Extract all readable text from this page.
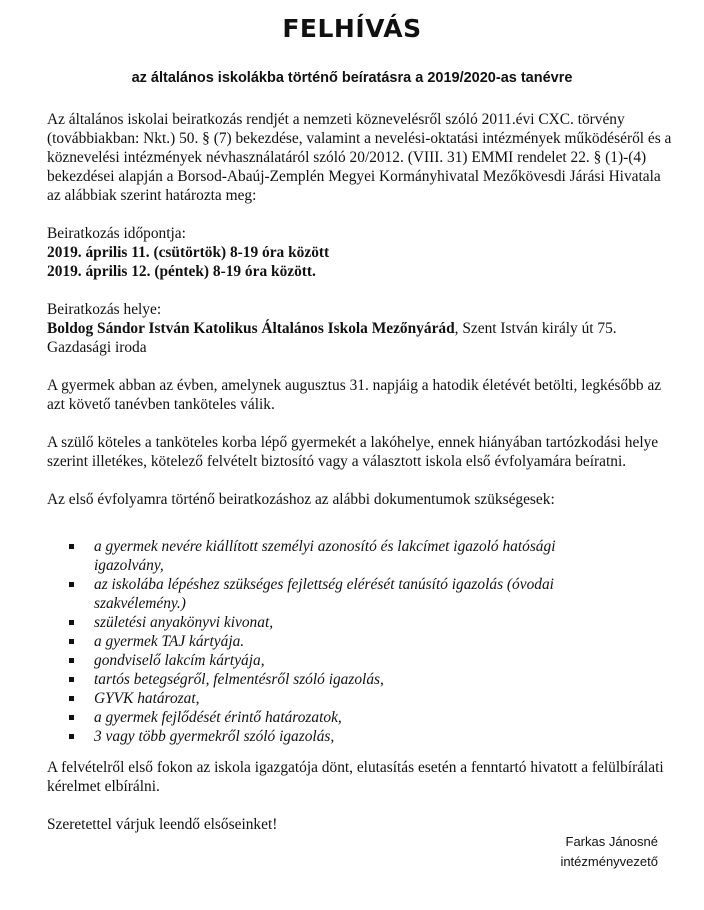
FELHÍVÁS
az általános iskolákba történő beíratásra a 2019/2020-as tanévre

Az általános iskolai beiratkozás rendjét a nemzeti köznevelésről szóló 2011.évi CXC. törvény (továbbiakban: Nkt.) 50. § (7) bekezdése, valamint a nevelési-oktatási intézmények működéséről és a köznevelési intézmények névhasználatáról szóló 20/2012. (VIII. 31) EMMI rendelet 22. § (1)-(4) bekezdései alapján a Borsod-Abaúj-Zemplén Megyei Kormányhivatal Mezőkövesdi Járási Hivatala az alábbiak szerint határozta meg:

Beiratkozás időpontja:

2019. április 11. (csütörtök) 8-19 óra között

2019. április 12. (péntek) 8-19 óra között.

Beiratkozás helye:

Boldog Sándor István Katolikus Általános Iskola Mezőnyárád, Szent István király út 75.

Gazdasági iroda

A gyermek abban az évben, amelynek augusztus 31. napjáig a hatodik életévét betölti, legkésőbb az azt követő tanévben tanköteles válik.

A szülő köteles a tanköteles korba lépő gyermekét a lakóhelye, ennek hiányában tartózkodási helye szerint illetékes, kötelező felvételt biztosító vagy a választott iskola első évfolyamára beíratni.

Az első évfolyamra történő beiratkozáshoz az alábbi dokumentumok szükségesek:

a gyermek nevére kiállított személyi azonosító és lakcímet igazoló hatósági igazolvány,
az iskolába lépéshez szükséges fejlettség elérését tanúsító igazolás (óvodai szakvélemény.)
születési anyakönyvi kivonat,
a gyermek TAJ kártyája.
gondviselő lakcím kártyája,
tartós betegségről, felmentésről szóló igazolás,
GYVK határozat,
a gyermek fejlődését érintő határozatok,
3 vagy több gyermekről szóló igazolás,

A felvételről első fokon az iskola igazgatója dönt, elutasítás esetén a fenntartó hivatott a felülbírálati kérelmet elbírálni.

Szeretettel várjuk leendő elsőseinket!

Farkas Jánosné
intézményvezető
